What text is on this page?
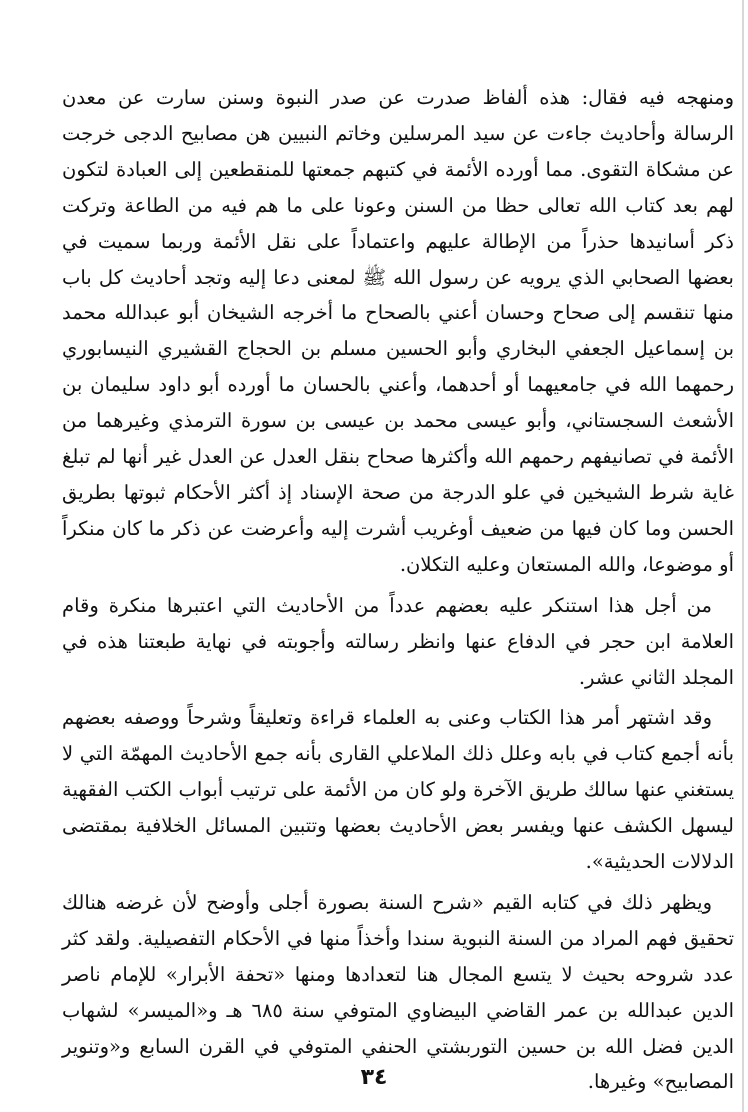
ومنهجه فيه فقال: هذه ألفاظ صدرت عن صدر النبوة وسنن سارت عن معدن الرسالة وأحاديث جاءت عن سيد المرسلين وخاتم النبيين هن مصابيح الدجى خرجت عن مشكاة التقوى. مما أورده الأئمة في كتبهم جمعتها للمنقطعين إلى العبادة لتكون لهم بعد كتاب الله تعالى حظا من السنن وعونا على ما هم فيه من الطاعة وتركت ذكر أسانيدها حذراً من الإطالة عليهم واعتماداً على نقل الأئمة وربما سميت في بعضها الصحابي الذي يرويه عن رسول الله ﷺ لمعنى دعا إليه وتجد أحاديث كل باب منها تنقسم إلى صحاح وحسان أعني بالصحاح ما أخرجه الشيخان أبو عبدالله محمد بن إسماعيل الجعفي البخاري وأبو الحسين مسلم بن الحجاج القشيري النيسابوري رحمهما الله في جامعيهما أو أحدهما، وأعني بالحسان ما أورده أبو داود سليمان بن الأشعث السجستاني، وأبو عيسى محمد بن عيسى بن سورة الترمذي وغيرهما من الأئمة في تصانيفهم رحمهم الله وأكثرها صحاح بنقل العدل عن العدل غير أنها لم تبلغ غاية شرط الشيخين في علو الدرجة من صحة الإسناد إذ أكثر الأحكام ثبوتها بطريق الحسن وما كان فيها من ضعيف أوغريب أشرت إليه وأعرضت عن ذكر ما كان منكراً أو موضوعا، والله المستعان وعليه التكلان.

من أجل هذا استنكر عليه بعضهم عدداً من الأحاديث التي اعتبرها منكرة وقام العلامة ابن حجر في الدفاع عنها وانظر رسالته وأجوبته في نهاية طبعتنا هذه في المجلد الثاني عشر.

وقد اشتهر أمر هذا الكتاب وعنى به العلماء قراءة وتعليقاً وشرحاً ووصفه بعضهم بأنه أجمع كتاب في بابه وعلل ذلك الملاعلي القارى بأنه جمع الأحاديث المهمّة التي لا يستغني عنها سالك طريق الآخرة ولو كان من الأئمة على ترتيب أبواب الكتب الفقهية ليسهل الكشف عنها ويفسر بعض الأحاديث بعضها وتتبين المسائل الخلافية بمقتضى الدلالات الحديثية».

ويظهر ذلك في كتابه القيم «شرح السنة بصورة أجلى وأوضح لأن غرضه هنالك تحقيق فهم المراد من السنة النبوية سندا وأخذاً منها في الأحكام التفصيلية. ولقد كثر عدد شروحه بحيث لا يتسع المجال هنا لتعدادها ومنها «تحفة الأبرار» للإمام ناصر الدين عبدالله بن عمر القاضي البيضاوي المتوفي سنة ٦٨٥ هـ و«الميسر» لشهاب الدين فضل الله بن حسين التوربشتي الحنفي المتوفي في القرن السابع و«وتنوير المصابيح» وغيرها.

٣٤
